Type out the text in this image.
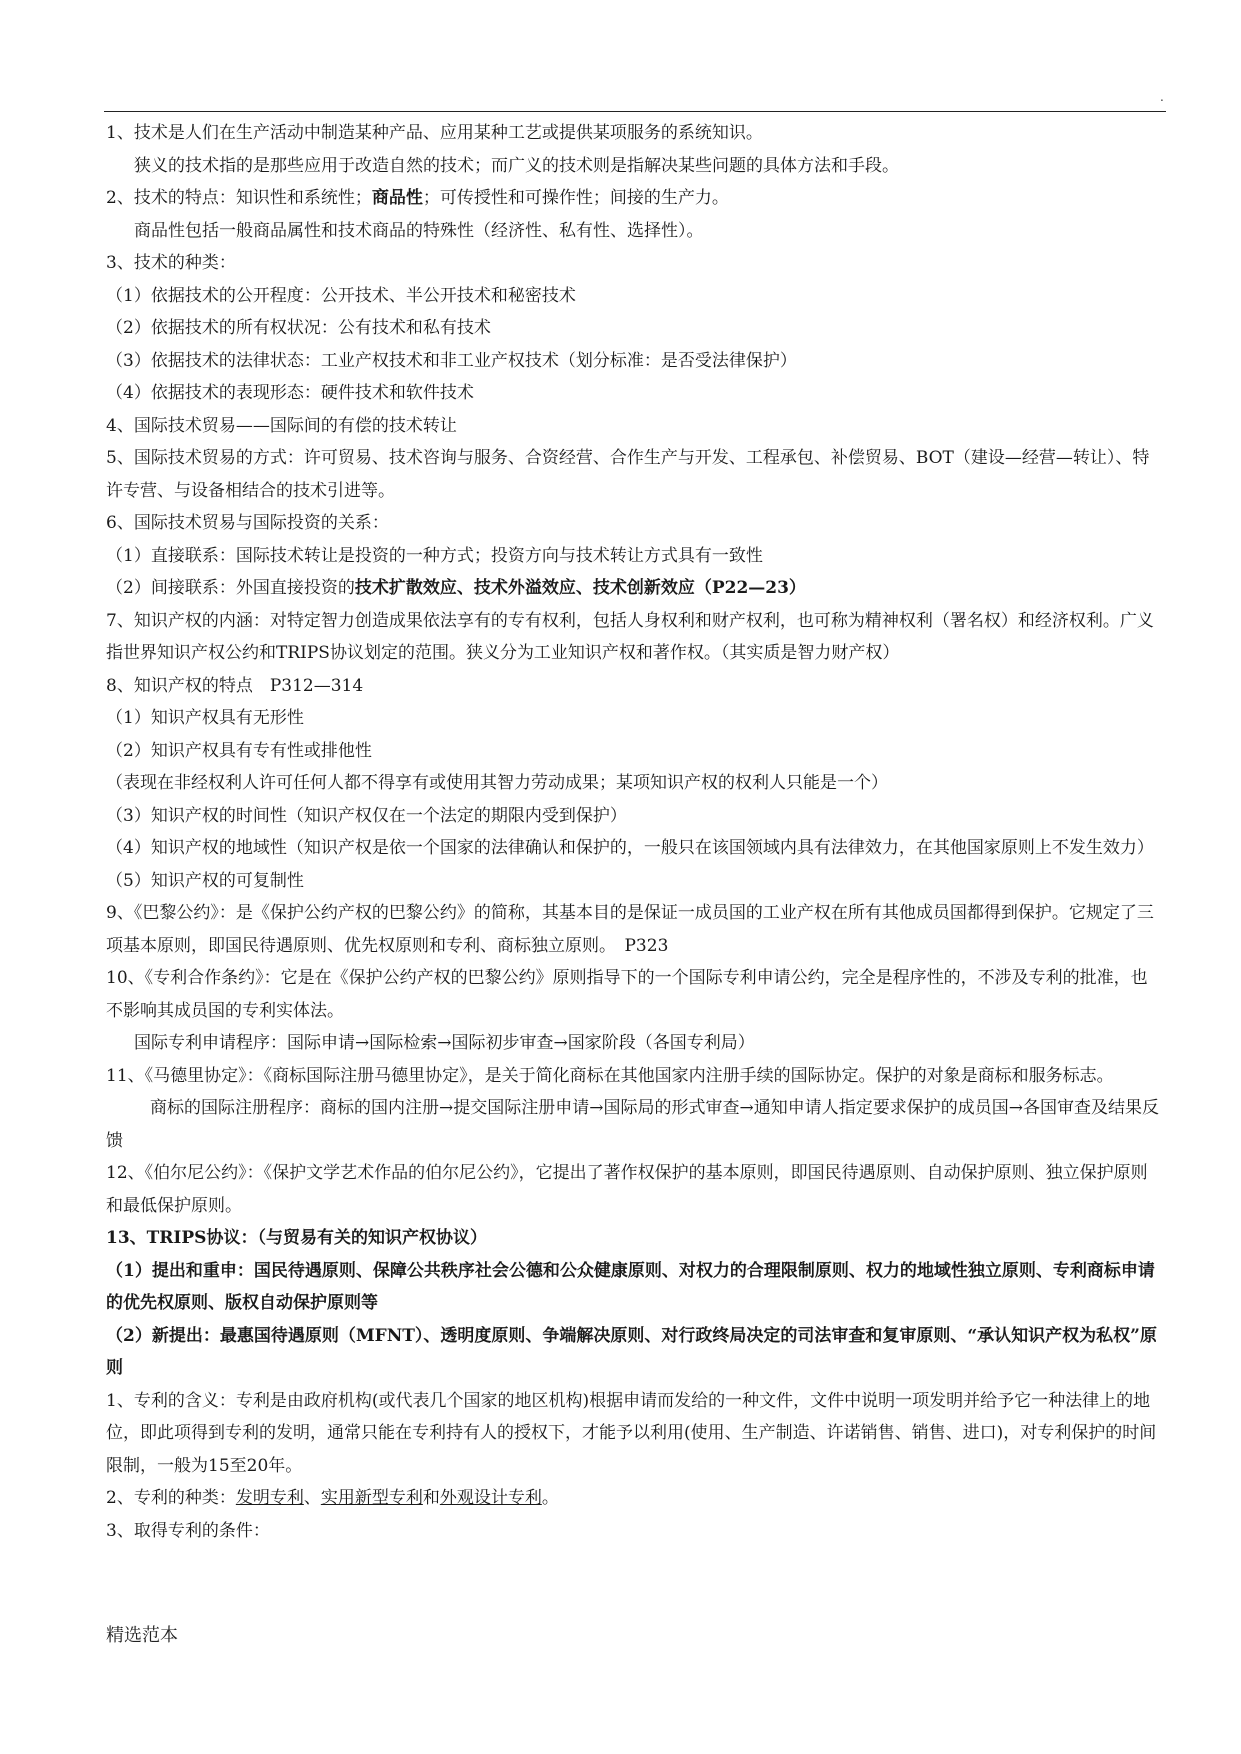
.

1、技术是人们在生产活动中制造某种产品、应用某种工艺或提供某项服务的系统知识。

狭义的技术指的是那些应用于改造自然的技术；而广义的技术则是指解决某些问题的具体方法和手段。

2、技术的特点：知识性和系统性；商品性；可传授性和可操作性；间接的生产力。

商品性包括一般商品属性和技术商品的特殊性（经济性、私有性、选择性）。

3、技术的种类：

（1）依据技术的公开程度：公开技术、半公开技术和秘密技术

（2）依据技术的所有权状况：公有技术和私有技术

（3）依据技术的法律状态：工业产权技术和非工业产权技术（划分标准：是否受法律保护）

（4）依据技术的表现形态：硬件技术和软件技术

4、国际技术贸易——国际间的有偿的技术转让

5、国际技术贸易的方式：许可贸易、技术咨询与服务、合资经营、合作生产与开发、工程承包、补偿贸易、BOT（建设—经营—转让）、特许专营、与设备相结合的技术引进等。

6、国际技术贸易与国际投资的关系：

（1）直接联系：国际技术转让是投资的一种方式；投资方向与技术转让方式具有一致性

（2）间接联系：外国直接投资的技术扩散效应、技术外溢效应、技术创新效应（P22—23）

7、知识产权的内涵：对特定智力创造成果依法享有的专有权利，包括人身权利和财产权利，也可称为精神权利（署名权）和经济权利。广义指世界知识产权公约和TRIPS协议划定的范围。狭义分为工业知识产权和著作权。（其实质是智力财产权）

8、知识产权的特点　P312—314

（1）知识产权具有无形性

（2）知识产权具有专有性或排他性

（表现在非经权利人许可任何人都不得享有或使用其智力劳动成果；某项知识产权的权利人只能是一个）

（3）知识产权的时间性（知识产权仅在一个法定的期限内受到保护）

（4）知识产权的地域性（知识产权是依一个国家的法律确认和保护的，一般只在该国领域内具有法律效力，在其他国家原则上不发生效力）

（5）知识产权的可复制性

9、《巴黎公约》：是《保护公约产权的巴黎公约》的简称，其基本目的是保证一成员国的工业产权在所有其他成员国都得到保护。它规定了三项基本原则，即国民待遇原则、优先权原则和专利、商标独立原则。　P323

10、《专利合作条约》：它是在《保护公约产权的巴黎公约》原则指导下的一个国际专利申请公约，完全是程序性的，不涉及专利的批准，也不影响其成员国的专利实体法。

国际专利申请程序：国际申请→国际检索→国际初步审查→国家阶段（各国专利局）

11、《马德里协定》：《商标国际注册马德里协定》，是关于简化商标在其他国家内注册手续的国际协定。保护的对象是商标和服务标志。

商标的国际注册程序：商标的国内注册→提交国际注册申请→国际局的形式审查→通知申请人指定要求保护的成员国→各国审查及结果反馈

12、《伯尔尼公约》：《保护文学艺术作品的伯尔尼公约》，它提出了著作权保护的基本原则，即国民待遇原则、自动保护原则、独立保护原则和最低保护原则。

13、TRIPS协议：（与贸易有关的知识产权协议）

（1）提出和重申：国民待遇原则、保障公共秩序社会公德和公众健康原则、对权力的合理限制原则、权力的地域性独立原则、专利商标申请的优先权原则、版权自动保护原则等

（2）新提出：最惠国待遇原则（MFNT）、透明度原则、争端解决原则、对行政终局决定的司法审查和复审原则、“承认知识产权为私权”原则

1、专利的含义：专利是由政府机构(或代表几个国家的地区机构)根据申请而发给的一种文件，文件中说明一项发明并给予它一种法律上的地位，即此项得到专利的发明，通常只能在专利持有人的授权下，才能予以利用(使用、生产制造、许诺销售、销售、进口)，对专利保护的时间限制，一般为15至20年。

2、专利的种类：发明专利、实用新型专利和外观设计专利。

3、取得专利的条件：

精选范本
